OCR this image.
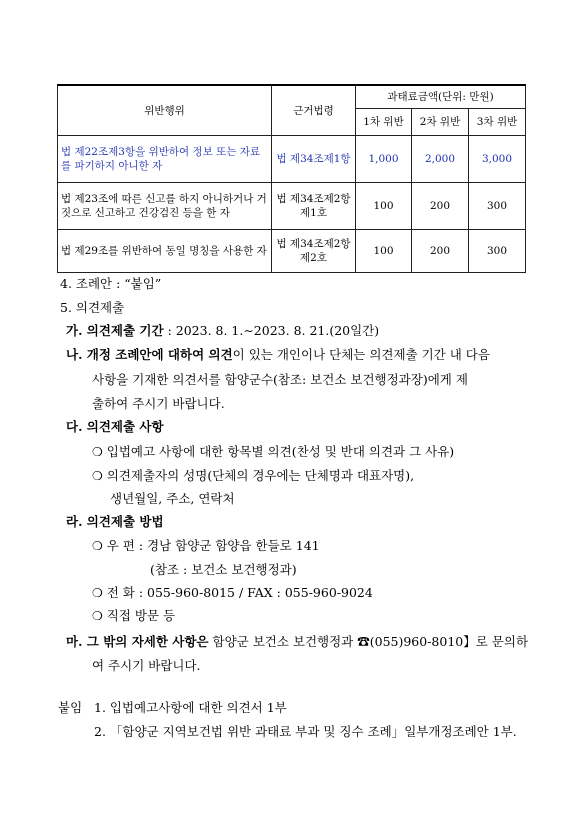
위반행위	근거법령	과태료금액(단위: 만원)		
		1차 위반	2차 위반	3차 위반
법 제22조제3항을 위반하여 정보 또는 자료를 파기하지 아니한 자	법 제34조제1항	1,000	2,000	3,000
법 제23조에 따른 신고를 하지 아니하거나 거짓으로 신고하고 건강검진 등을 한 자	법 제34조제2항 제1호	100	200	300
법 제29조를 위반하여 동일 명칭을 사용한 자	법 제34조제2항 제2호	100	200	300
4. 조례안 : “붙임”
5. 의견제출
가. 의견제출 기간 : 2023. 8. 1.∼2023. 8. 21.(20일간)
나. 개정 조례안에 대하여 의견이 있는 개인이나 단체는 의견제출 기간 내 다음
사항을 기재한 의견서를 함양군수(참조: 보건소 보건행정과장)에게 제
출하여 주시기 바랍니다.
다. 의견제출 사항
❍ 입법예고 사항에 대한 항목별 의견(찬성 및 반대 의견과 그 사유)
❍ 의견제출자의 성명(단체의 경우에는 단체명과 대표자명),
생년월일, 주소, 연락처
라. 의견제출 방법
❍ 우 편 : 경남 함양군 함양읍 한들로 141
(참조 : 보건소 보건행정과)
❍ 전 화 : 055-960-8015 / FAX : 055-960-9024
❍ 직접 방문 등
마. 그 밖의 자세한 사항은 함양군 보건소 보건행정과 ☎(055)960-8010】로 문의하
여 주시기 바랍니다.
붙임 1. 입법예고사항에 대한 의견서 1부
2. 「함양군 지역보건법 위반 과태료 부과 및 징수 조례」일부개정조례안 1부.
